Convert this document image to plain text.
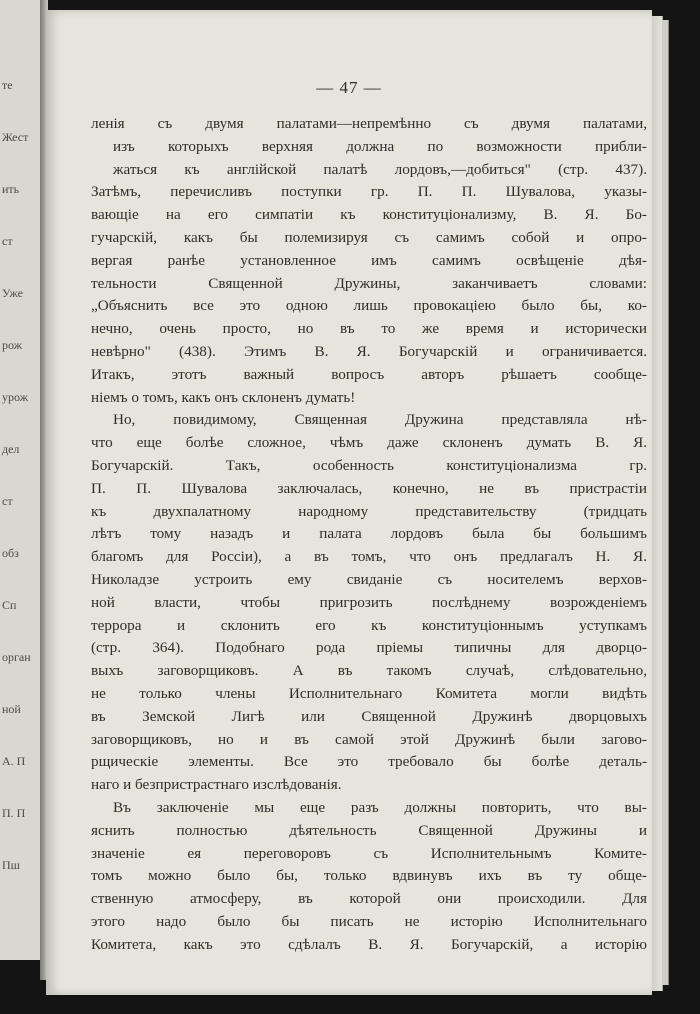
те
Жест
ить
ст
Уже
рож
урож
дел
ст
обз
Сп
орган
ной
А. П
П. П
Пш
— 47 —
ленія съ двумя палатами—непремѣнно съ двумя палатами,
изъ которыхъ верхняя должна по возможности прибли-
жаться къ англійской палатѣ лордовъ,—добиться" (стр. 437).
Затѣмъ, перечисливъ поступки гр. П. П. Шувалова, указы-
вающіе на его симпатіи къ конституціонализму, В. Я. Бо-
гучарскій, какъ бы полемизируя съ самимъ собой и опро-
вергая ранѣе установленное имъ самимъ освѣщеніе дѣя-
тельности Священной Дружины, заканчиваетъ словами:
„Объяснить все это одною лишь провокаціею было бы, ко-
нечно, очень просто, но въ то же время и исторически
невѣрно" (438). Этимъ В. Я. Богучарскій и ограничивается.
Итакъ, этотъ важный вопросъ авторъ рѣшаетъ сообще-
ніемъ о томъ, какъ онъ склоненъ думать!
Но, повидимому, Священная Дружина представляла нѣ-
что еще болѣе сложное, чѣмъ даже склоненъ думать В. Я.
Богучарскій. Такъ, особенность конституціонализма гр.
П. П. Шувалова заключалась, конечно, не въ пристрастіи
къ двухпалатному народному представительству (тридцать
лѣтъ тому назадъ и палата лордовъ была бы большимъ
благомъ для Россіи), а въ томъ, что онъ предлагалъ Н. Я.
Николадзе устроить ему свиданіе съ носителемъ верхов-
ной власти, чтобы пригрозить послѣднему возрожденіемъ
террора и склонить его къ конституціоннымъ уступкамъ
(стр. 364). Подобнаго рода пріемы типичны для дворцо-
выхъ заговорщиковъ. А въ такомъ случаѣ, слѣдовательно,
не только члены Исполнительнаго Комитета могли видѣть
въ Земской Лигѣ или Священной Дружинѣ дворцовыхъ
заговорщиковъ, но и въ самой этой Дружинѣ были загово-
рщическіе элементы. Все это требовало бы болѣе деталь-
наго и безпристрастнаго изслѣдованія.
Въ заключеніе мы еще разъ должны повторить, что вы-
яснить полностью дѣятельность Священной Дружины и
значеніе ея переговоровъ съ Исполнительнымъ Комите-
томъ можно было бы, только вдвинувъ ихъ въ ту обще-
ственную атмосферу, въ которой они происходили. Для
этого надо было бы писать не исторію Исполнительнаго
Комитета, какъ это сдѣлалъ В. Я. Богучарскій, а исторію
